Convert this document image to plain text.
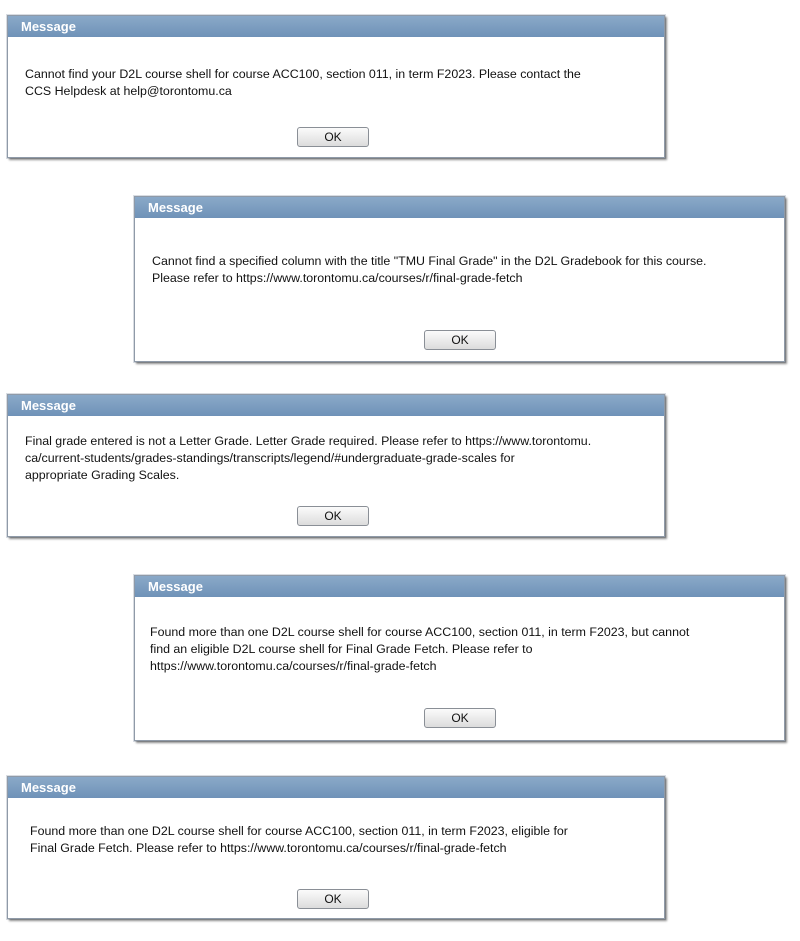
Message
Cannot find your D2L course shell for course ACC100, section 011, in term F2023. Please contact the
CCS Helpdesk at help@torontomu.ca
OK
Message
Cannot find a specified column with the title "TMU Final Grade" in the D2L Gradebook for this course.
Please refer to https://www.torontomu.ca/courses/r/final-grade-fetch
OK
Message
Final grade entered is not a Letter Grade. Letter Grade required. Please refer to https://www.torontomu.
ca/current-students/grades-standings/transcripts/legend/#undergraduate-grade-scales for
appropriate Grading Scales.
OK
Message
Found more than one D2L course shell for course ACC100, section 011, in term F2023, but cannot
find an eligible D2L course shell for Final Grade Fetch. Please refer to
https://www.torontomu.ca/courses/r/final-grade-fetch
OK
Message
Found more than one D2L course shell for course ACC100, section 011, in term F2023, eligible for
Final Grade Fetch. Please refer to https://www.torontomu.ca/courses/r/final-grade-fetch
OK
